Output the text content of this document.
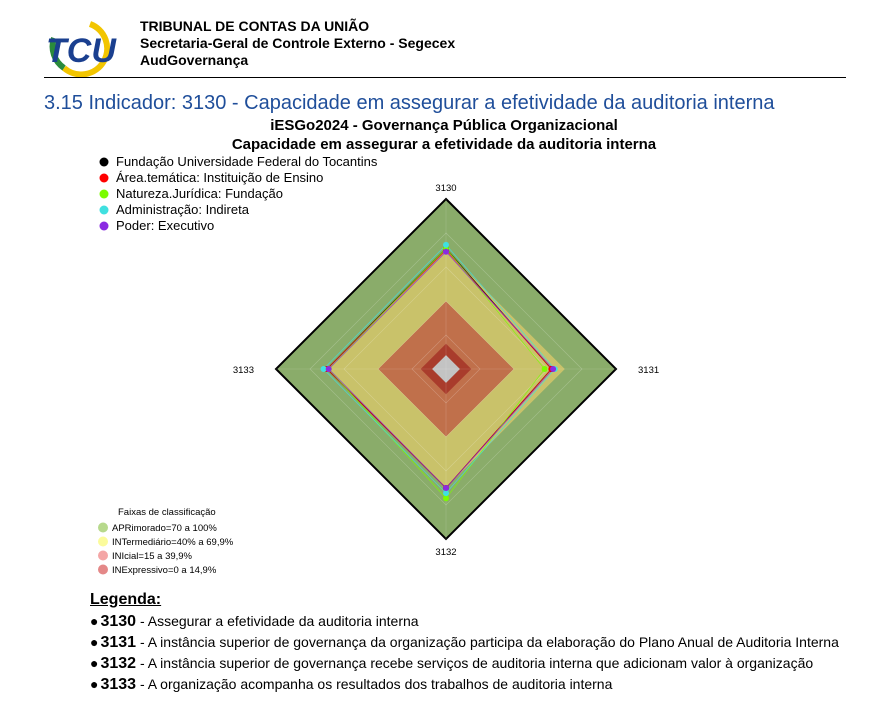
TCU
TRIBUNAL DE CONTAS DA UNIÃO
Secretaria-Geral de Controle Externo - Segecex
AudGovernança
3.15 Indicador: 3130 - Capacidade em assegurar a efetividade da auditoria interna
iESGo2024 - Governança Pública Organizacional
Capacidade em assegurar a efetividade da auditoria interna
3130
3131
3132
3133
Fundação Universidade Federal do Tocantins
Área.temática: Instituição de Ensino
Natureza.Jurídica: Fundação
Administração: Indireta
Poder: Executivo
Faixas de classificação
APRimorado=70 a 100%
INTermediário=40% a 69,9%
INIcial=15 a 39,9%
INExpressivo=0 a 14,9%
Legenda:
● 3130 - Assegurar a efetividade da auditoria interna
● 3131 - A instância superior de governança da organização participa da elaboração do Plano Anual de Auditoria Interna
● 3132 - A instância superior de governança recebe serviços de auditoria interna que adicionam valor à organização
● 3133 - A organização acompanha os resultados dos trabalhos de auditoria interna
